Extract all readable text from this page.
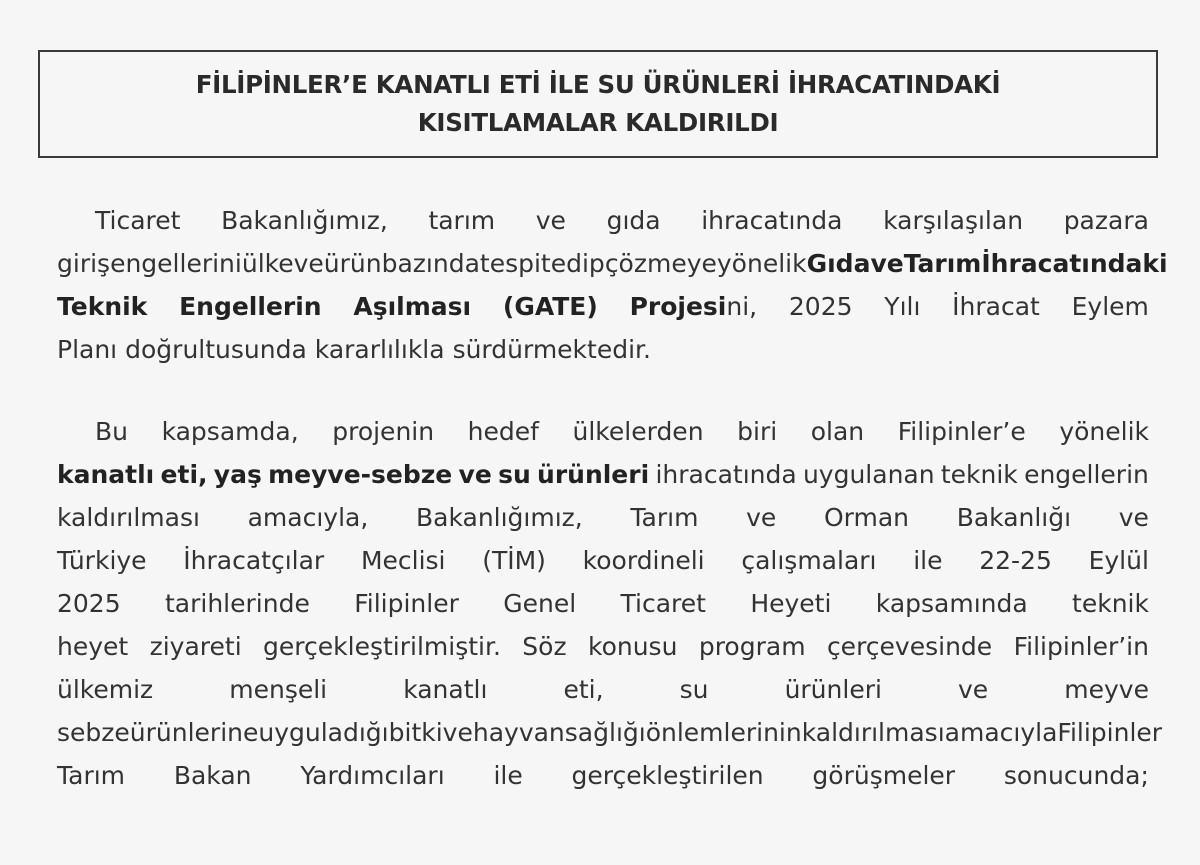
FİLİPİNLER’E KANATLI ETİ İLE SU ÜRÜNLERİ İHRACATINDAKİ
KISITLAMALAR KALDIRILDI
Ticaret Bakanlığımız, tarım ve gıda ihracatında karşılaşılan pazara
giriş engellerini ülke ve ürün bazında tespit edip çözmeye yönelik Gıda ve Tarım İhracatındaki
Teknik Engellerin Aşılması (GATE) Projesini, 2025 Yılı İhracat Eylem
Planı doğrultusunda kararlılıkla sürdürmektedir.
Bu kapsamda, projenin hedef ülkelerden biri olan Filipinler’e yönelik
kanatlı eti, yaş meyve-sebze ve su ürünleri ihracatında uygulanan teknik engellerin
kaldırılması amacıyla, Bakanlığımız, Tarım ve Orman Bakanlığı ve
Türkiye İhracatçılar Meclisi (TİM) koordineli çalışmaları ile 22-25 Eylül
2025 tarihlerinde Filipinler Genel Ticaret Heyeti kapsamında teknik
heyet ziyareti gerçekleştirilmiştir. Söz konusu program çerçevesinde Filipinler’in
ülkemiz	menşeli	kanatlı	eti,	su	ürünleri	ve	meyve
sebze ürünlerine uyguladığı bitki ve hayvan sağlığı önlemlerinin kaldırılması amacıyla Filipinler
Tarım Bakan Yardımcıları ile gerçekleştirilen görüşmeler sonucunda;
